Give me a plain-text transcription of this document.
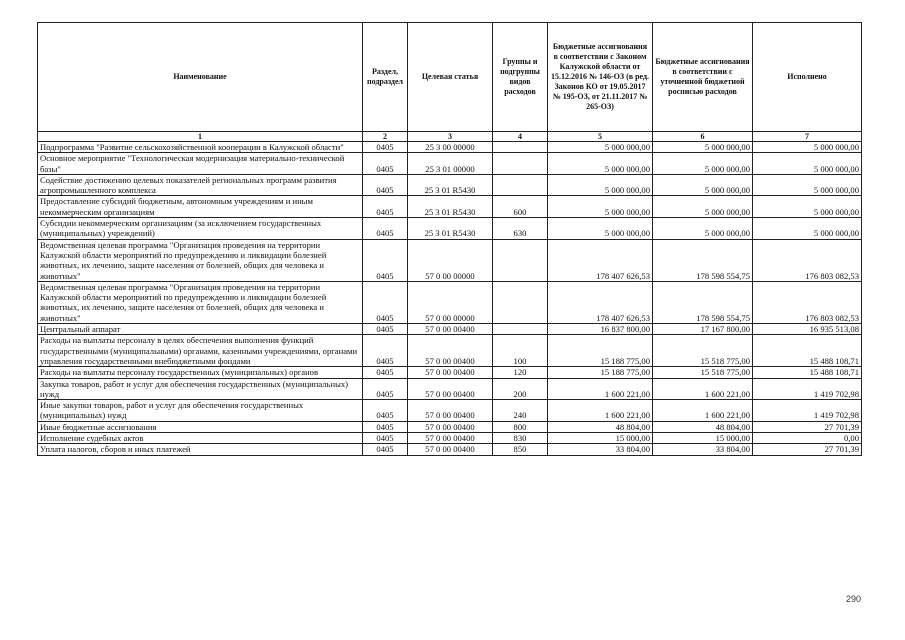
Наименование	Раздел, подраздел	Целевая статья	Группы и подгруппы видов расходов	Бюджетные ассигнования в соответствии с Законом Калужской области от 15.12.2016 № 146-ОЗ (в ред. Законов КО от 19.05.2017 № 195-ОЗ, от 21.11.2017 № 265-ОЗ)	Бюджетные ассигнования в соответствии с уточненной бюджетной росписью расходов	Исполнено
1	2	3	4	5	6	7
Подпрограмма "Развитие сельскохозяйственной кооперации в Калужской области"	0405	25 3 00 00000		5 000 000,00	5 000 000,00	5 000 000,00
Основное мероприятие "Технологическая модернизация материально-технической базы"	0405	25 3 01 00000		5 000 000,00	5 000 000,00	5 000 000,00
Содействие достижению целевых показателей региональных программ развития агропромышленного комплекса	0405	25 3 01 R5430		5 000 000,00	5 000 000,00	5 000 000,00
Предоставление субсидий бюджетным, автономным учреждениям и иным некоммерческим организациям	0405	25 3 01 R5430	600	5 000 000,00	5 000 000,00	5 000 000,00
Субсидии некоммерческим организациям (за исключением государственных (муниципальных) учреждений)	0405	25 3 01 R5430	630	5 000 000,00	5 000 000,00	5 000 000,00
Ведомственная целевая программа "Организация проведения на территории Калужской области мероприятий по предупреждению и ликвидации болезней животных, их лечению, защите населения от болезней, общих для человека и животных"	0405	57 0 00 00000		178 407 626,53	178 598 554,75	176 803 082,53
Ведомственная целевая программа "Организация проведения на территории Калужской области мероприятий по предупреждению и ликвидации болезней животных, их лечению, защите населения от болезней, общих для человека и животных"	0405	57 0 00 00000		178 407 626,53	178 598 554,75	176 803 082,53
Центральный аппарат	0405	57 0 00 00400		16 837 800,00	17 167 800,00	16 935 513,08
Расходы на выплаты персоналу в целях обеспечения выполнения функций государственными (муниципальными) органами, казенными учреждениями, органами управления государственными внебюджетными фондами	0405	57 0 00 00400	100	15 188 775,00	15 518 775,00	15 488 108,71
Расходы на выплаты персоналу государственных (муниципальных) органов	0405	57 0 00 00400	120	15 188 775,00	15 518 775,00	15 488 108,71
Закупка товаров, работ и услуг для обеспечения государственных (муниципальных) нужд	0405	57 0 00 00400	200	1 600 221,00	1 600 221,00	1 419 702,98
Иные закупки товаров, работ и услуг для обеспечения государственных (муниципальных) нужд	0405	57 0 00 00400	240	1 600 221,00	1 600 221,00	1 419 702,98
Иные бюджетные ассигнования	0405	57 0 00 00400	800	48 804,00	48 804,00	27 701,39
Исполнение судебных актов	0405	57 0 00 00400	830	15 000,00	15 000,00	0,00
Уплата налогов, сборов и иных платежей	0405	57 0 00 00400	850	33 804,00	33 804,00	27 701,39
290
